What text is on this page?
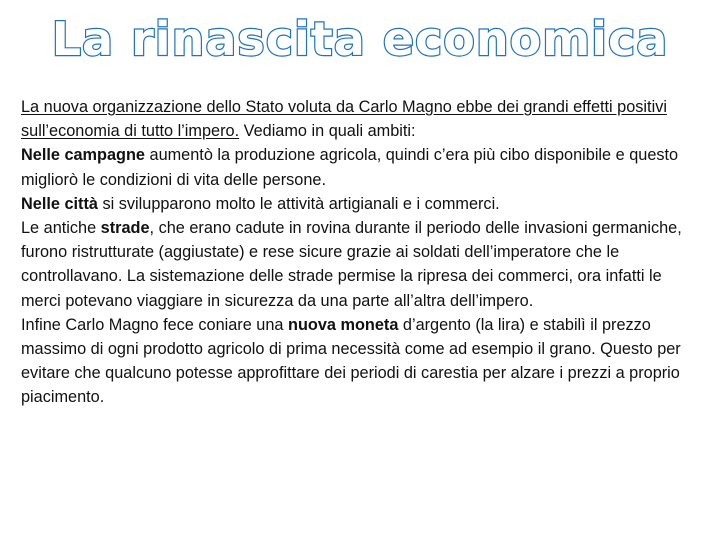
La rinascita economica

La nuova organizzazione dello Stato voluta da Carlo Magno ebbe dei grandi effetti positivi sull’economia di tutto l’impero. Vediamo in quali ambiti:

Nelle campagne aumentò la produzione agricola, quindi c’era più cibo disponibile e questo migliorò le condizioni di vita delle persone.

Nelle città si svilupparono molto le attività artigianali e i commerci.

Le antiche strade, che erano cadute in rovina durante il periodo delle invasioni germaniche, furono ristrutturate (aggiustate) e rese sicure grazie ai soldati dell’imperatore che le controllavano. La sistemazione delle strade permise la ripresa dei commerci, ora infatti le merci potevano viaggiare in sicurezza da una parte all’altra dell’impero.

Infine Carlo Magno fece coniare una nuova moneta d’argento (la lira) e stabilì il prezzo massimo di ogni prodotto agricolo di prima necessità come ad esempio il grano. Questo per evitare che qualcuno potesse approfittare dei periodi di carestia per alzare i prezzi a proprio piacimento.
